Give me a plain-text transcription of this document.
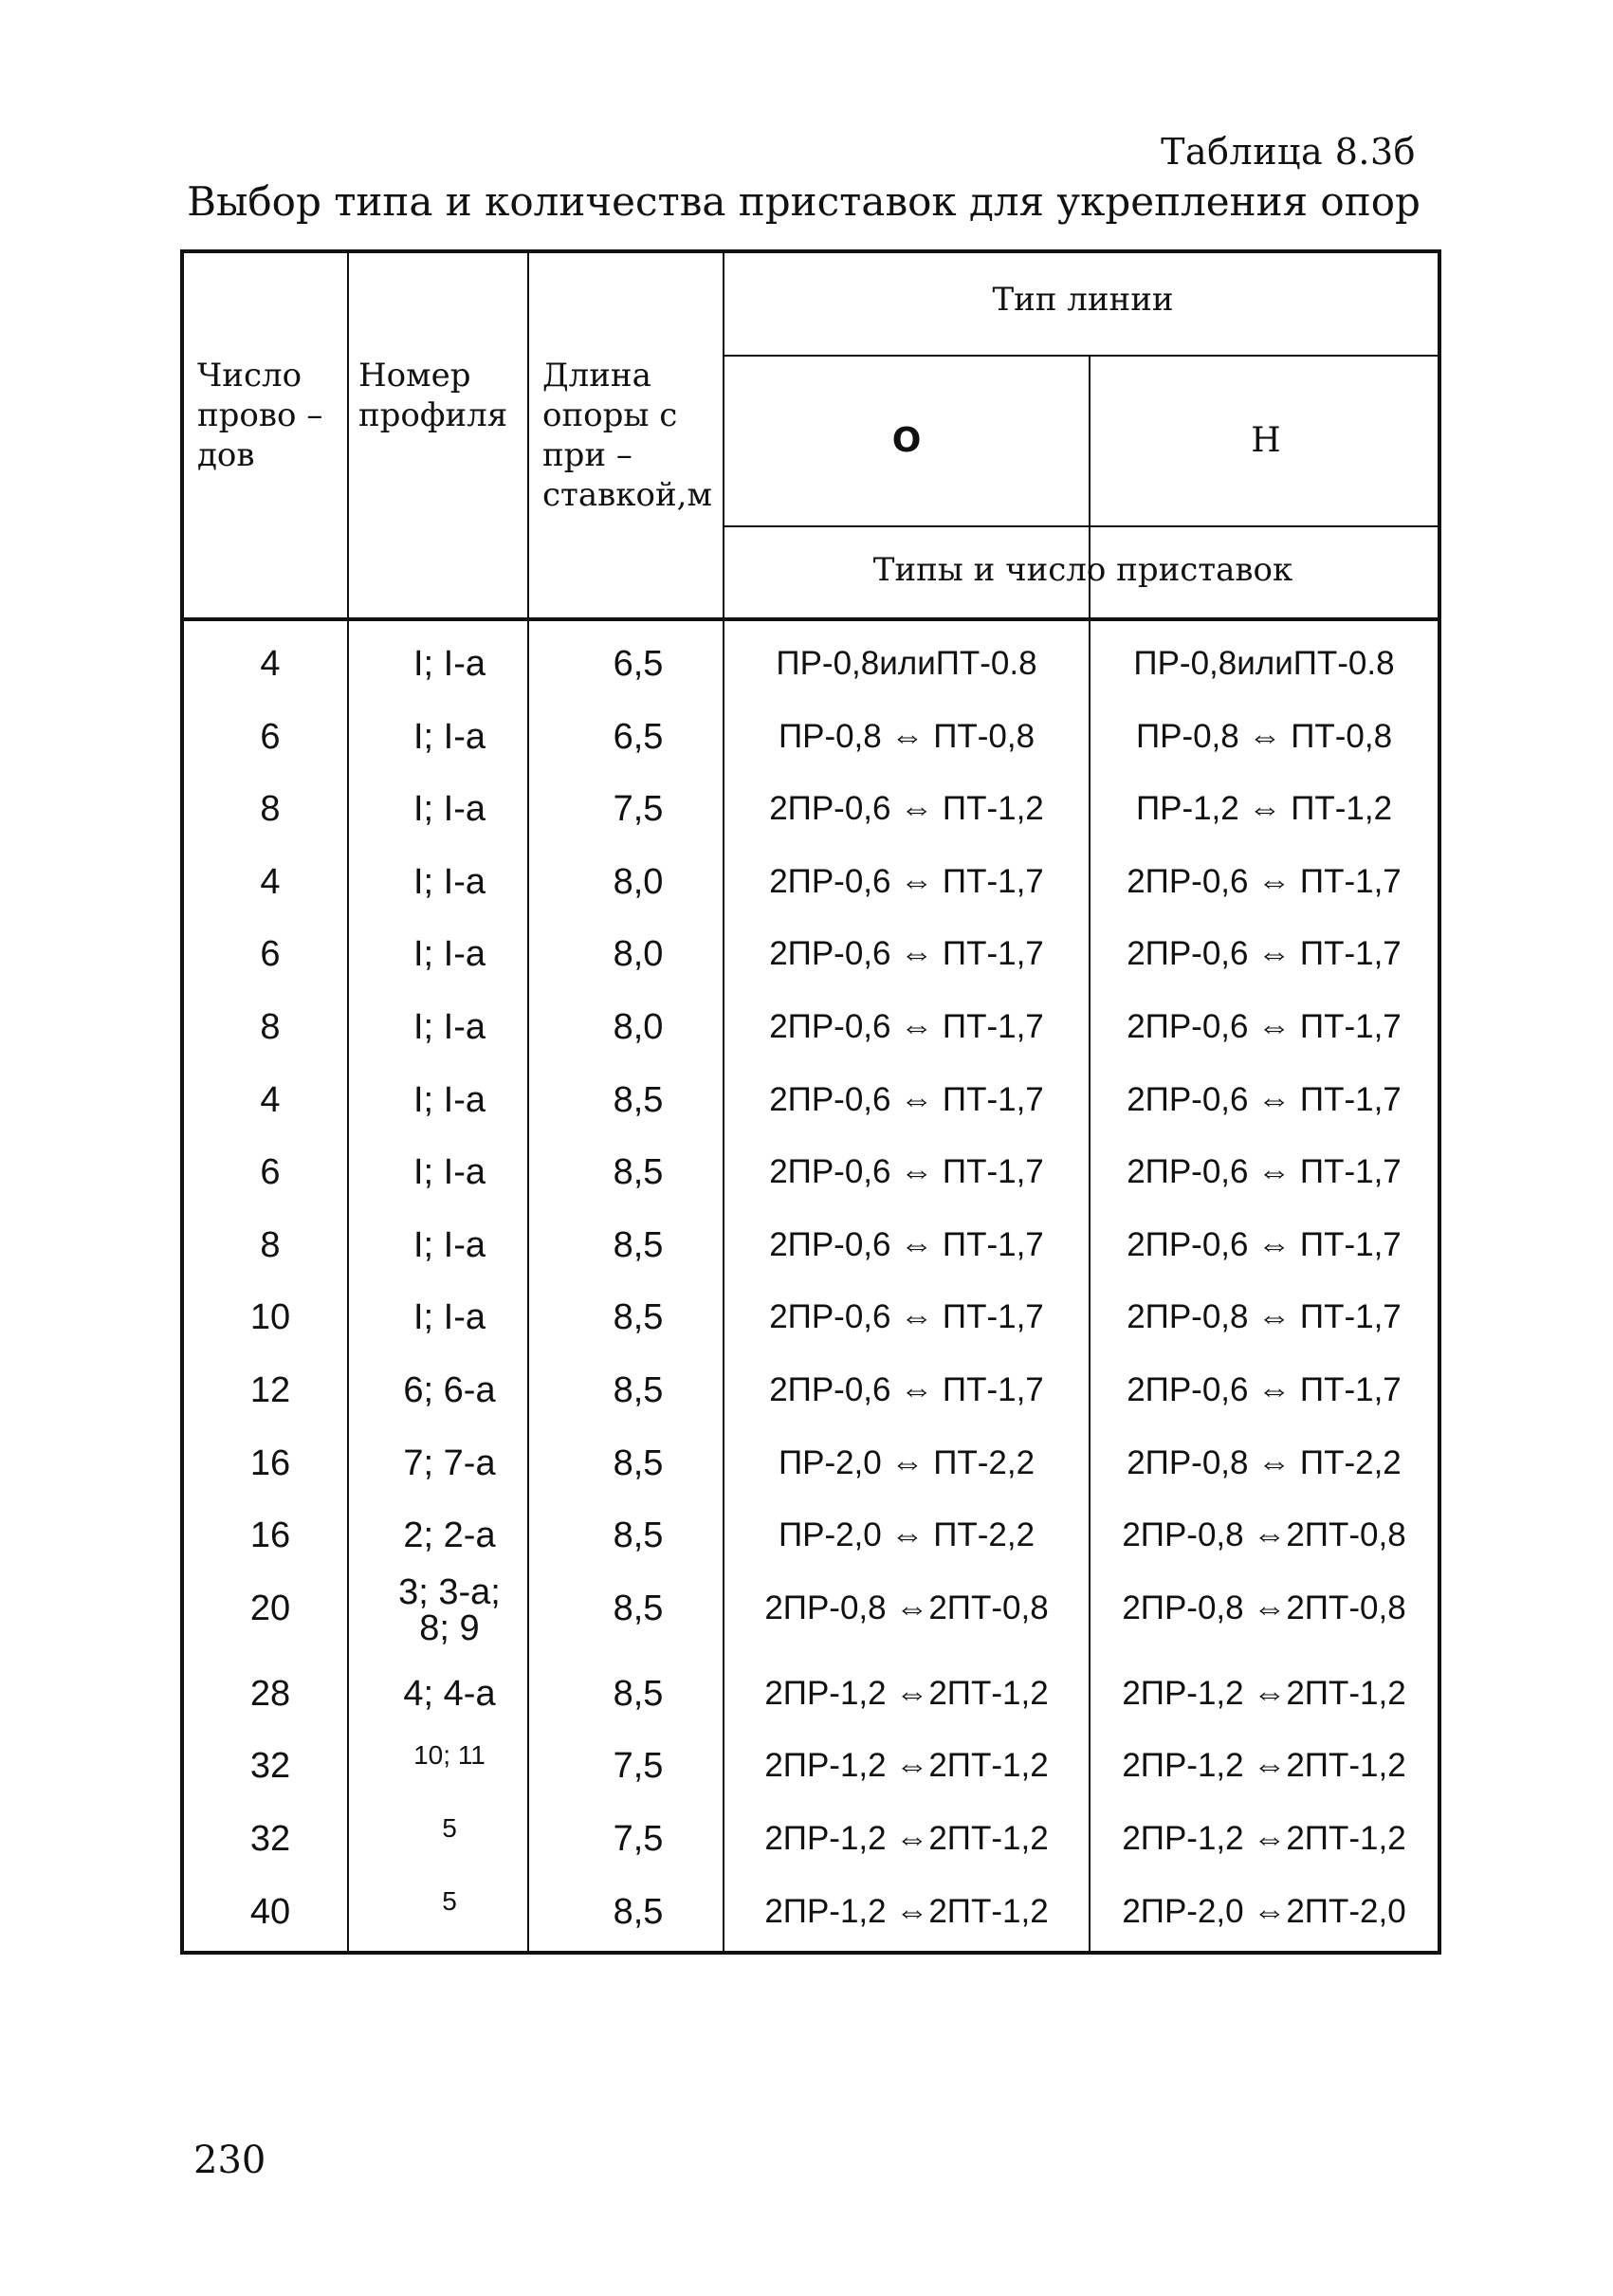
Таблица 8.3б
Выбор типа и количества приставок для укрепления опор
Число
прово –
дов
Номер
профиля
Длина
опоры с
при –
ставкой,м
Тип линии
О	Н
Типы и число приставок
4	I; I-a	6,5	ПР-0,8илиПТ-0.8	ПР-0,8илиПТ-0.8
6	I; I-a	6,5	ПР-0,8 ⇔ ПТ-0,8	ПР-0,8 ⇔ ПТ-0,8
8	I; I-a	7,5	2ПР-0,6 ⇔ ПТ-1,2	ПР-1,2 ⇔ ПТ-1,2
4	I; I-a	8,0	2ПР-0,6 ⇔ ПТ-1,7	2ПР-0,6 ⇔ ПТ-1,7
6	I; I-a	8,0	2ПР-0,6 ⇔ ПТ-1,7	2ПР-0,6 ⇔ ПТ-1,7
8	I; I-a	8,0	2ПР-0,6 ⇔ ПТ-1,7	2ПР-0,6 ⇔ ПТ-1,7
4	I; I-a	8,5	2ПР-0,6 ⇔ ПТ-1,7	2ПР-0,6 ⇔ ПТ-1,7
6	I; I-a	8,5	2ПР-0,6 ⇔ ПТ-1,7	2ПР-0,6 ⇔ ПТ-1,7
8	I; I-a	8,5	2ПР-0,6 ⇔ ПТ-1,7	2ПР-0,6 ⇔ ПТ-1,7
10	I; I-a	8,5	2ПР-0,6 ⇔ ПТ-1,7	2ПР-0,8 ⇔ ПТ-1,7
12	6; 6-a	8,5	2ПР-0,6 ⇔ ПТ-1,7	2ПР-0,6 ⇔ ПТ-1,7
16	7; 7-a	8,5	ПР-2,0 ⇔ ПТ-2,2	2ПР-0,8 ⇔ ПТ-2,2
16	2; 2-a	8,5	ПР-2,0 ⇔ ПТ-2,2	2ПР-0,8 ⇔2ПТ-0,8
20	3; 3-a;
8; 9	8,5	2ПР-0,8 ⇔2ПТ-0,8	2ПР-0,8 ⇔2ПТ-0,8
28	4; 4-a	8,5	2ПР-1,2 ⇔2ПТ-1,2	2ПР-1,2 ⇔2ПТ-1,2
32	10; 11	7,5	2ПР-1,2 ⇔2ПТ-1,2	2ПР-1,2 ⇔2ПТ-1,2
32	5	7,5	2ПР-1,2 ⇔2ПТ-1,2	2ПР-1,2 ⇔2ПТ-1,2
40	5	8,5	2ПР-1,2 ⇔2ПТ-1,2	2ПР-2,0 ⇔2ПТ-2,0
230
